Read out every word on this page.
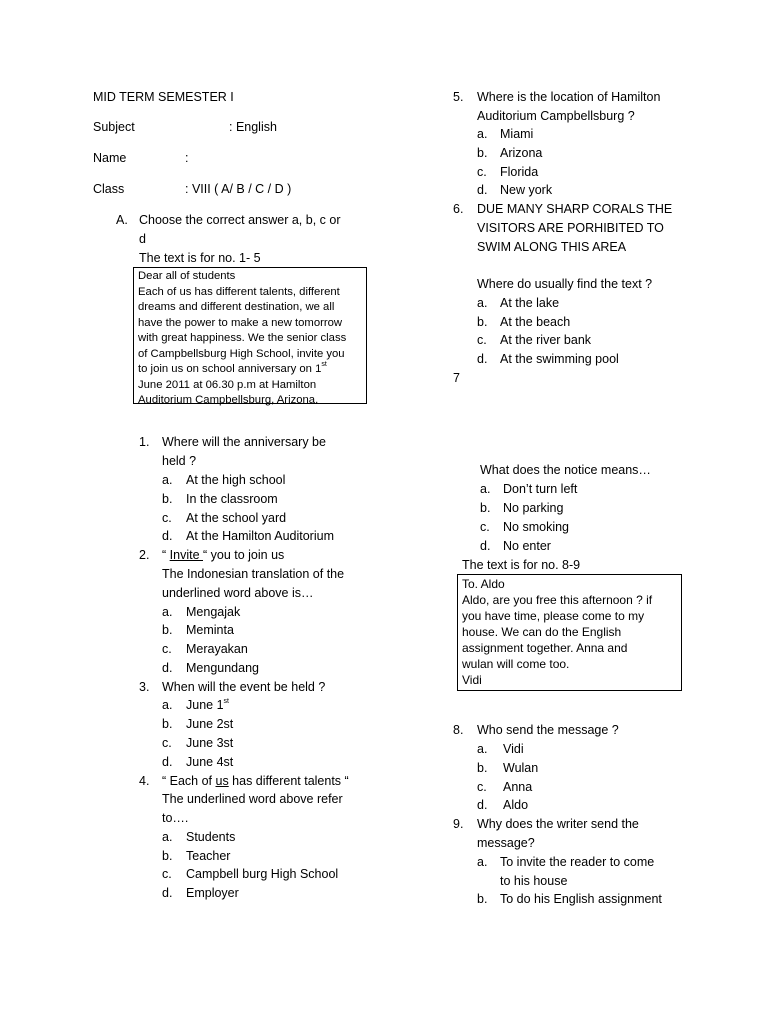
MID TERM SEMESTER I
Subject	: English
Name	:
Class	: VIII ( A/ B / C / D )
A. Choose the correct answer a, b, c or
d
The text is for no. 1- 5
Dear all of students
Each of us has different talents, different
dreams and different destination, we all
have the power to make a new tomorrow
with great happiness. We the senior class
of Campbellsburg High School, invite you
to join us on school anniversary on 1st
June 2011 at 06.30 p.m at Hamilton
Auditorium Campbellsburg, Arizona.
1. Where will the anniversary be
held ?
a. At the high school
b. In the classroom
c. At the school yard
d. At the Hamilton Auditorium
2. “ Invite “ you to join us
The Indonesian translation of the
underlined word above is…
a. Mengajak
b. Meminta
c. Merayakan
d. Mengundang
3. When will the event be held ?
a. June 1st
b. June 2st
c. June 3st
d. June 4st
4. “ Each of us has different talents “
The underlined word above refer
to….
a. Students
b. Teacher
c. Campbell burg High School
d. Employer
5. Where is the location of Hamilton
Auditorium Campbellsburg ?
a. Miami
b. Arizona
c. Florida
d. New york
6. DUE MANY SHARP CORALS THE
VISITORS ARE PORHIBITED TO
SWIM ALONG THIS AREA
Where do usually find the text ?
a. At the lake
b. At the beach
c. At the river bank
d. At the swimming pool
7
What does the notice means…
a. Don’t turn left
b. No parking
c. No smoking
d. No enter
The text is for no. 8-9
To. Aldo
Aldo, are you free this afternoon ? if
you have time, please come to my
house. We can do the English
assignment together. Anna and
wulan will come too.
Vidi
8. Who send the message ?
a. Vidi
b. Wulan
c. Anna
d. Aldo
9. Why does the writer send the
message?
a. To invite the reader to come
to his house
b. To do his English assignment
